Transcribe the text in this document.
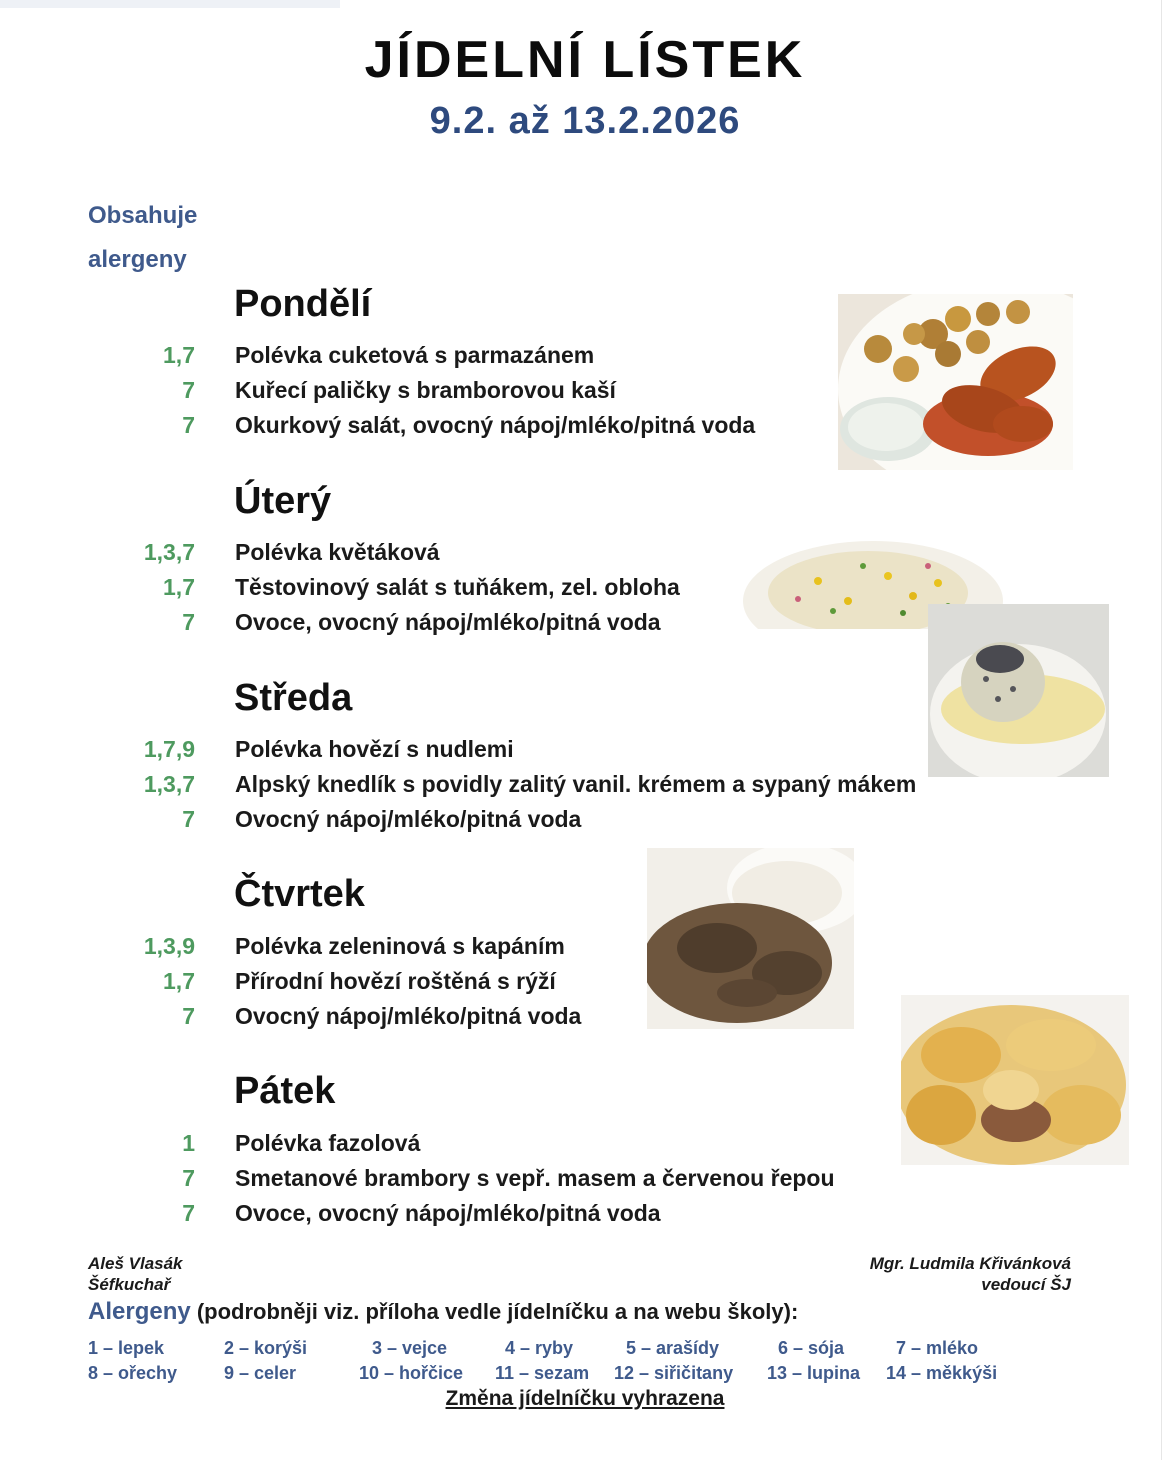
JÍDELNÍ LÍSTEK
9.2. až 13.2.2026
Obsahuje
alergeny
Pondělí
1,7 Polévka cuketová s parmazánem
7 Kuřecí paličky s bramborovou kaší
7 Okurkový salát, ovocný nápoj/mléko/pitná voda
Úterý
1,3,7 Polévka květáková
1,7 Těstovinový salát s tuňákem, zel. obloha
7 Ovoce, ovocný nápoj/mléko/pitná voda
Středa
1,7,9 Polévka hovězí s nudlemi
1,3,7 Alpský knedlík s povidly zalitý vanil. krémem a sypaný mákem
7 Ovocný nápoj/mléko/pitná voda
Čtvrtek
1,3,9 Polévka zeleninová s kapáním
1,7 Přírodní hovězí roštěná s rýží
7 Ovocný nápoj/mléko/pitná voda
Pátek
1 Polévka fazolová
7 Smetanové brambory s vepř. masem a červenou řepou
7 Ovoce, ovocný nápoj/mléko/pitná voda
Aleš Vlasák
Šéfkuchař
Mgr. Ludmila Křivánková
vedoucí ŠJ
Alergeny (podrobněji viz. příloha vedle jídelníčku a na webu školy):
1 – lepek	2 – korýši	3 – vejce	4 – ryby	5 – arašídy	6 – sója	7 – mléko
8 – ořechy	9 – celer	10 – hořčice 11 – sezam 12 – siřičitany 13 – lupina 14 – měkkýši
Změna jídelníčku vyhrazena
